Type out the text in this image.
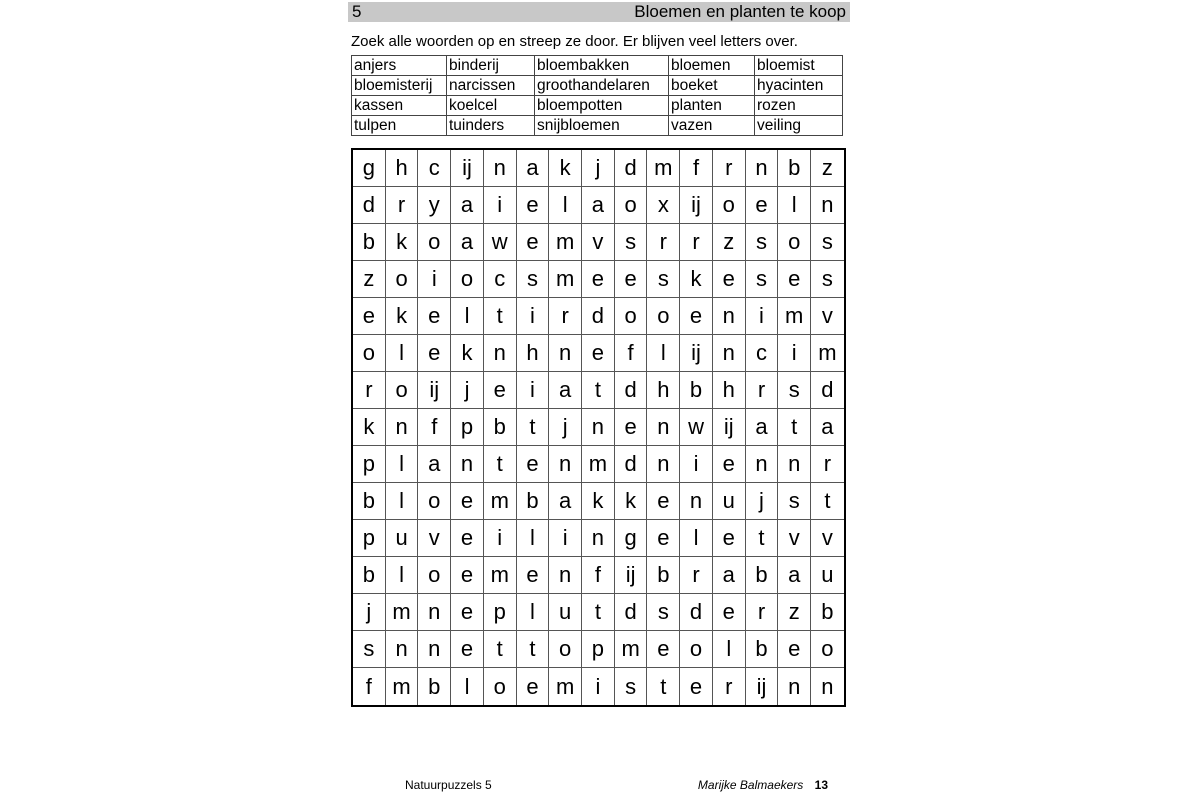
5	Bloemen en planten te koop
Zoek alle woorden op en streep ze door. Er blijven veel letters over.
anjers	binderij	bloembakken	bloemen	bloemist
bloemisterij	narcissen	groothandelaren	boeket	hyacinten
kassen	koelcel	bloempotten	planten	rozen
tulpen	tuinders	snijbloemen	vazen	veiling
g h c	ij n a k	j	d m f	r	n b z
d	r	y a	i	e	l	a o x	ij o e	l	n
b k o a w e m v s	r	r	z s o s
z o	i	o c s m e e s k e s e s
e k e	l	t	i	r	d o o e n	i m v
o	l	e k n h n e	f	l	ij n c	i m
r	o ij	j	e	i	a	t	d h b h	r	s d
k n	f	p b	t	j	n e n w ij a	t	a
p	l	a n	t	e n m d n	i	e n n	r
b	l	o e m b a k k e n u	j	s	t
p u v e	i	l	i	n g e	l	e	t	v	v
b	l	o e m e n	f	ij b	r	a b a u
j m n e p	l	u	t	d s d e	r	z b
s n n e	t	t	o p m e o	l	b e o
f m b	l	o e m i	s	t	e	r	ij n n
Natuurpuzzels 5	Marijke Balmaekers 13
